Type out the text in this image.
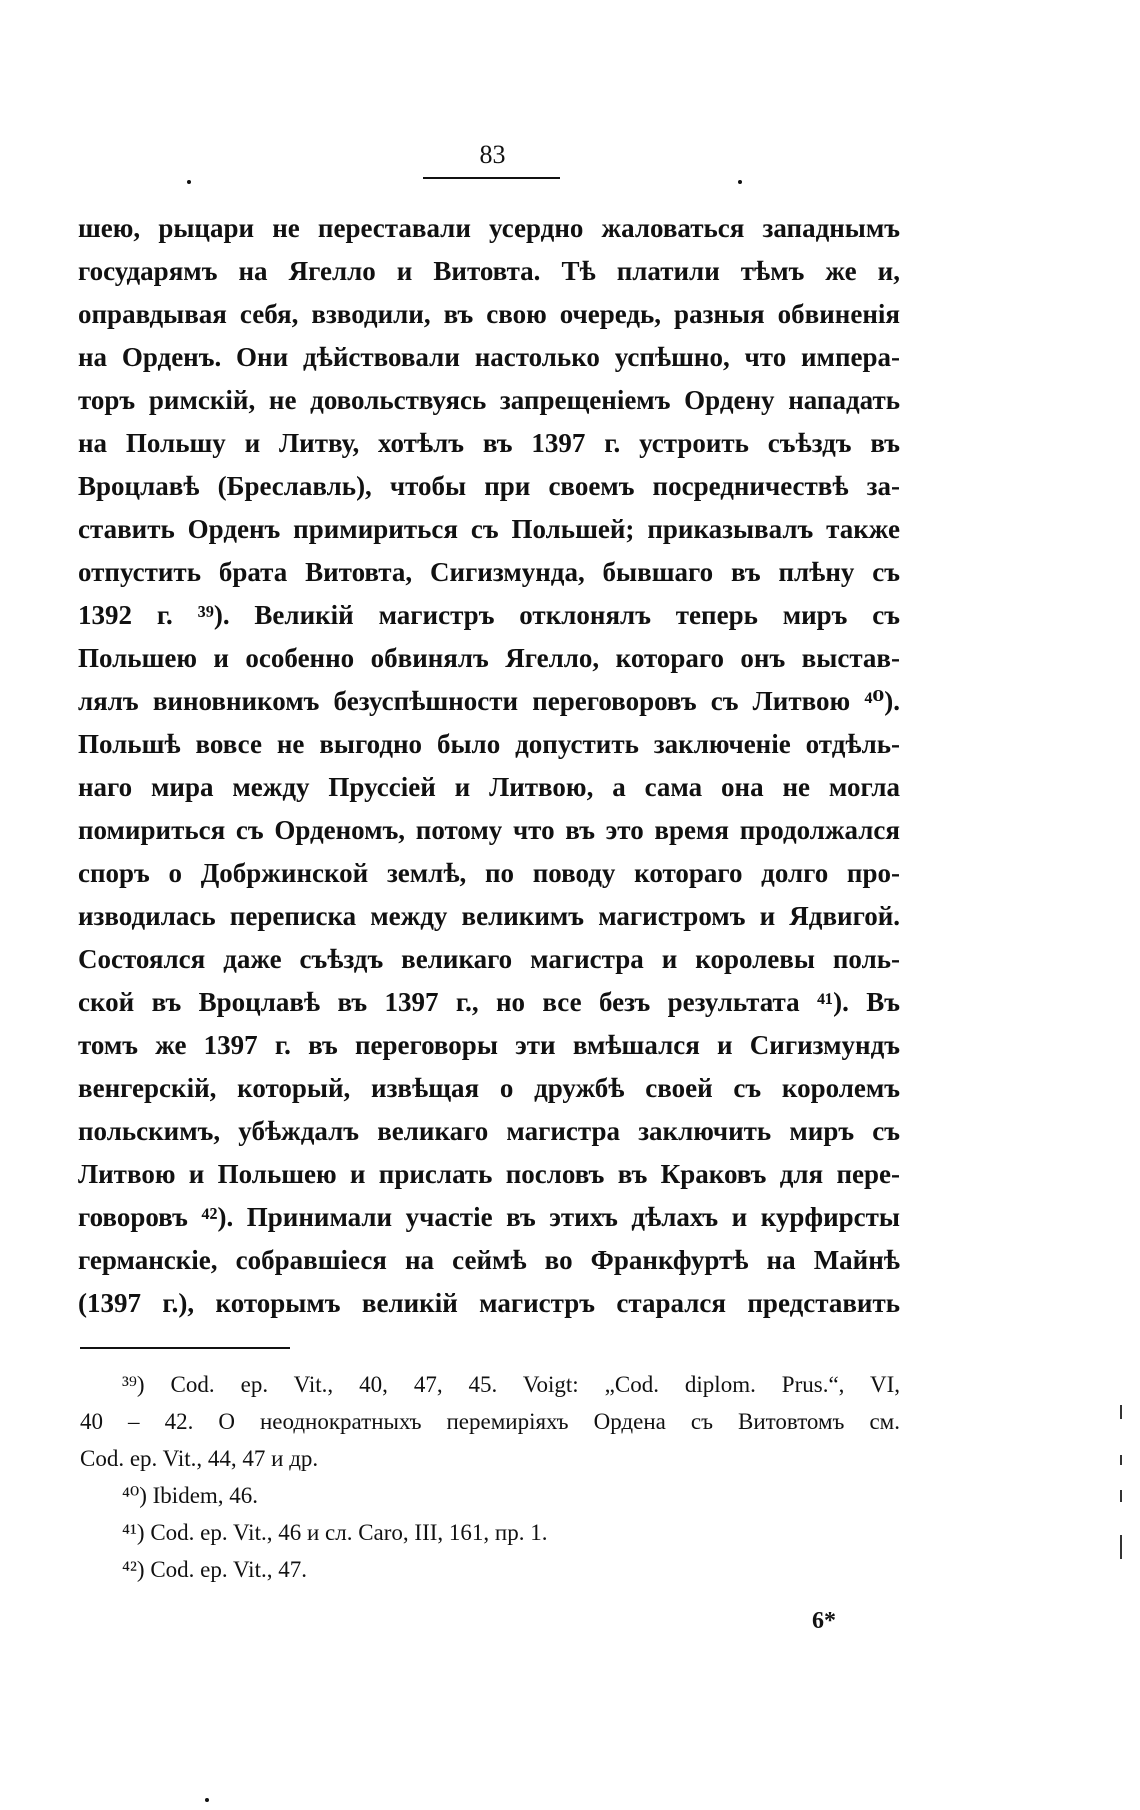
83
шею, рыцари не переставали усердно жаловаться западнымъ
государямъ на Ягелло и Витовта. Тѣ платили тѣмъ же и,
оправдывая себя, взводили, въ свою очередь, разныя обвиненія
на Орденъ. Они дѣйствовали настолько успѣшно, что импера-
торъ римскій, не довольствуясь запрещеніемъ Ордену нападать
на Польшу и Литву, хотѣлъ въ 1397 г. устроить съѣздъ въ
Вроцлавѣ (Бреславль), чтобы при своемъ посредничествѣ за-
ставить Орденъ примириться съ Польшей; приказывалъ также
отпустить брата Витовта, Сигизмунда, бывшаго въ плѣну съ
1392 г. ³⁹). Великій магистръ отклонялъ теперь миръ съ
Польшею и особенно обвинялъ Ягелло, котораго онъ выстав-
лялъ виновникомъ безуспѣшности переговоровъ съ Литвою ⁴⁰).
Польшѣ вовсе не выгодно было допустить заключеніе отдѣль-
наго мира между Пруссіей и Литвою, а сама она не могла
помириться съ Орденомъ, потому что въ это время продолжался
споръ о Добржинской землѣ, по поводу котораго долго про-
изводилась переписка между великимъ магистромъ и Ядвигой.
Состоялся даже съѣздъ великаго магистра и королевы поль-
ской въ Вроцлавѣ въ 1397 г., но все безъ результата ⁴¹). Въ
томъ же 1397 г. въ переговоры эти вмѣшался и Сигизмундъ
венгерскій, который, извѣщая о дружбѣ своей съ королемъ
польскимъ, убѣждалъ великаго магистра заключить миръ съ
Литвою и Польшею и прислать пословъ въ Краковъ для пере-
говоровъ ⁴²). Принимали участіе въ этихъ дѣлахъ и курфирсты
германскіе, собравшіеся на сеймѣ во Франкфуртѣ на Майнѣ
(1397 г.), которымъ великій магистръ старался представить
³⁹) Cod. ep. Vit., 40, 47, 45. Voigt: „Cod. diplom. Prus.“, VI,
40 – 42. О неоднократныхъ перемиріяхъ Ордена съ Витовтомъ см.
Cod. ep. Vit., 44, 47 и др.
⁴⁰) Ibidem, 46.
⁴¹) Cod. ep. Vit., 46 и сл. Caro, III, 161, пр. 1.
⁴²) Cod. ep. Vit., 47.
6*
